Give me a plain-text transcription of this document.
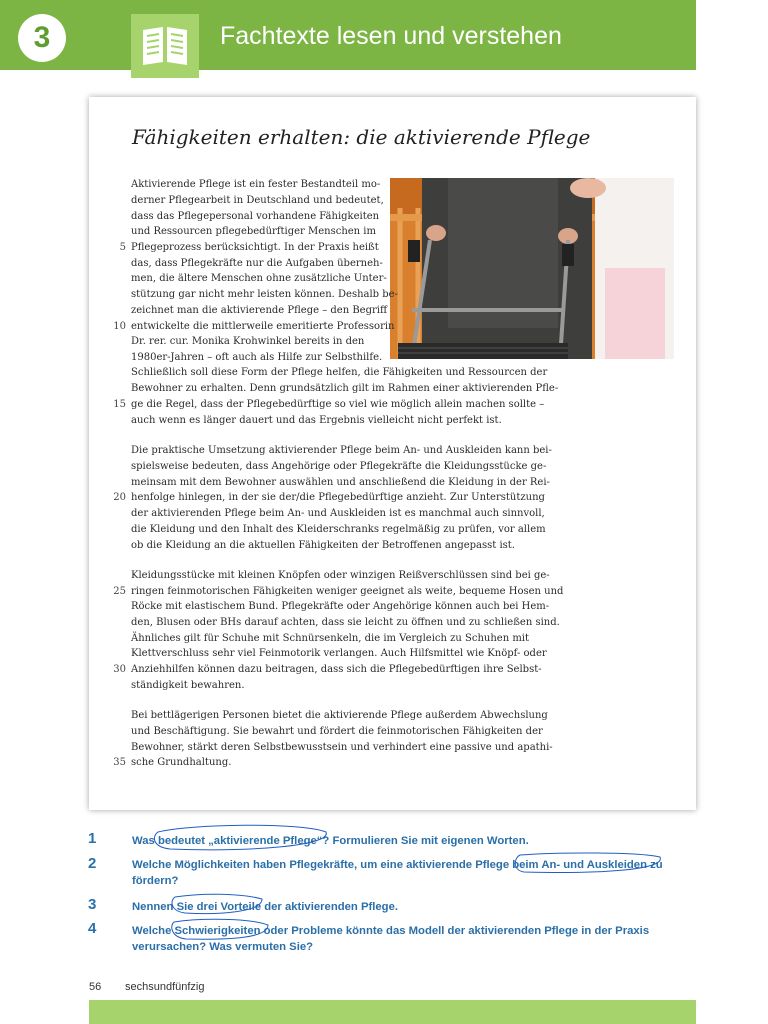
3	Fachtexte lesen und verstehen
Fähigkeiten erhalten: die aktivierende Pflege
Aktivierende Pflege ist ein fester Bestandteil mo-
derner Pflegearbeit in Deutschland und bedeutet,
dass das Pflegepersonal vorhandene Fähigkeiten
und Ressourcen pflegebedürftiger Menschen im
Pflegeprozess berücksichtigt. In der Praxis heißt
das, dass Pflegekräfte nur die Aufgaben überneh-
men, die ältere Menschen ohne zusätzliche Unter-
stützung gar nicht mehr leisten können. Deshalb be-
zeichnet man die aktivierende Pflege – den Begriff
entwickelte die mittlerweile emeritierte Professorin
Dr. rer. cur. Monika Krohwinkel bereits in den
1980er-Jahren – oft auch als Hilfe zur Selbsthilfe.
Schließlich soll diese Form der Pflege helfen, die Fähigkeiten und Ressourcen der
Bewohner zu erhalten. Denn grundsätzlich gilt im Rahmen einer aktivierenden Pfle-
ge die Regel, dass der Pflegebedürftige so viel wie möglich allein machen sollte –
auch wenn es länger dauert und das Ergebnis vielleicht nicht perfekt ist.
Die praktische Umsetzung aktivierender Pflege beim An- und Auskleiden kann bei-
spielsweise bedeuten, dass Angehörige oder Pflegekräfte die Kleidungsstücke ge-
meinsam mit dem Bewohner auswählen und anschließend die Kleidung in der Rei-
henfolge hinlegen, in der sie der/die Pflegebedürftige anzieht. Zur Unterstützung
der aktivierenden Pflege beim An- und Auskleiden ist es manchmal auch sinnvoll,
die Kleidung und den Inhalt des Kleiderschranks regelmäßig zu prüfen, vor allem
ob die Kleidung an die aktuellen Fähigkeiten der Betroffenen angepasst ist.
Kleidungsstücke mit kleinen Knöpfen oder winzigen Reißverschlüssen sind bei ge-
ringen feinmotorischen Fähigkeiten weniger geeignet als weite, bequeme Hosen und
Röcke mit elastischem Bund. Pflegekräfte oder Angehörige können auch bei Hem-
den, Blusen oder BHs darauf achten, dass sie leicht zu öffnen und zu schließen sind.
Ähnliches gilt für Schuhe mit Schnürsenkeln, die im Vergleich zu Schuhen mit
Klettverschluss sehr viel Feinmotorik verlangen. Auch Hilfsmittel wie Knöpf- oder
Anziehhilfen können dazu beitragen, dass sich die Pflegebedürftigen ihre Selbst-
ständigkeit bewahren.
Bei bettlägerigen Personen bietet die aktivierende Pflege außerdem Abwechslung
und Beschäftigung. Sie bewahrt und fördert die feinmotorischen Fähigkeiten der
Bewohner, stärkt deren Selbstbewusstsein und verhindert eine passive und apathi-
sche Grundhaltung.
5
10
15
20
25
30
35
1	Was bedeutet „aktivierende Pflege“? Formulieren Sie mit eigenen Worten.
2	Welche Möglichkeiten haben Pflegekräfte, um eine aktivierende Pflege beim An- und Auskleiden zu fördern?
3	Nennen Sie drei Vorteile der aktivierenden Pflege.
4	Welche Schwierigkeiten oder Probleme könnte das Modell der aktivierenden Pflege in der Praxis verursachen? Was vermuten Sie?
56 sechsundfünfzig
